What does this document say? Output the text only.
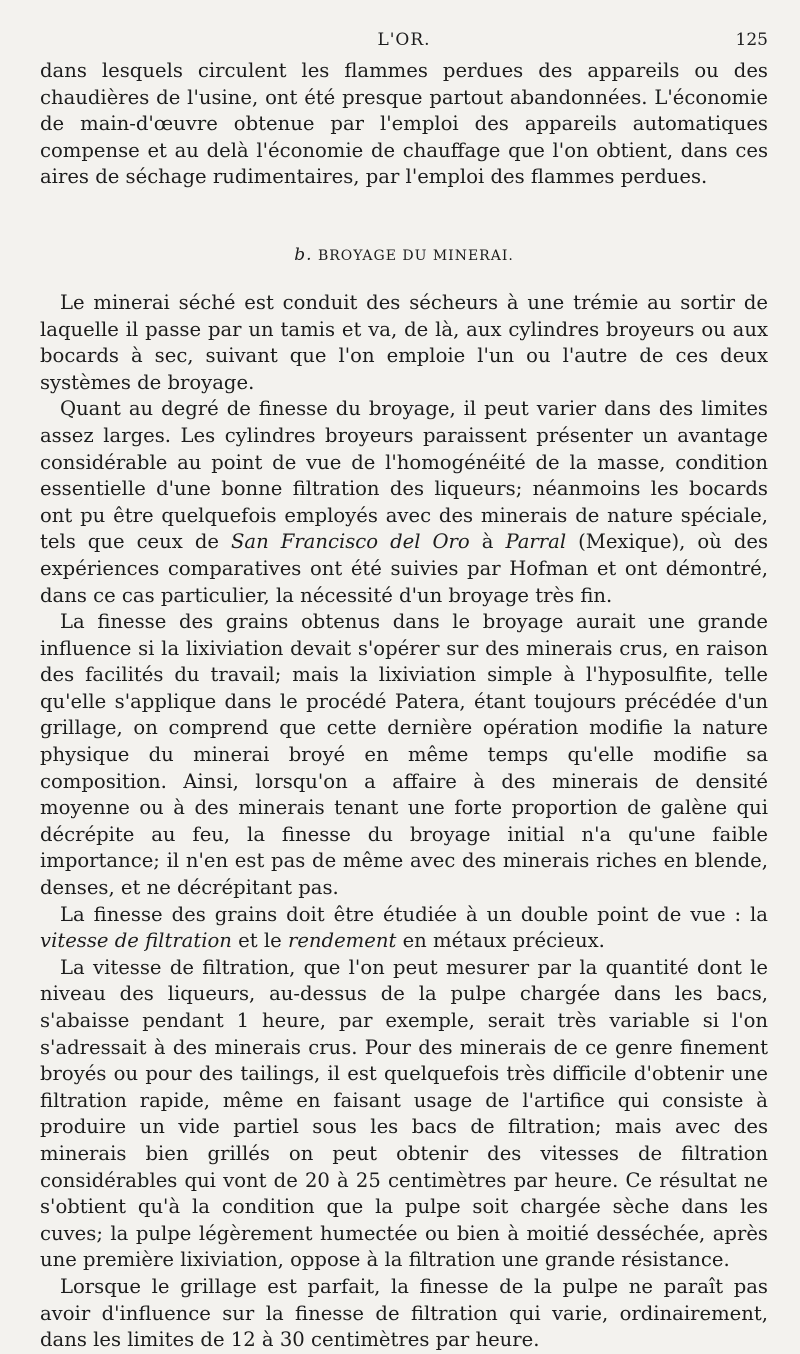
L'OR.	125

dans lesquels circulent les flammes perdues des appareils ou des chaudières de l'usine, ont été presque partout abandonnées. L'économie de main-d'œuvre obtenue par l'emploi des appareils automatiques compense et au delà l'économie de chauffage que l'on obtient, dans ces aires de séchage rudimentaires, par l'emploi des flammes perdues.

b. BROYAGE DU MINERAI.

Le minerai séché est conduit des sécheurs à une trémie au sortir de laquelle il passe par un tamis et va, de là, aux cylindres broyeurs ou aux bocards à sec, suivant que l'on emploie l'un ou l'autre de ces deux systèmes de broyage.

Quant au degré de finesse du broyage, il peut varier dans des limites assez larges. Les cylindres broyeurs paraissent présenter un avantage considérable au point de vue de l'homogénéité de la masse, condition essentielle d'une bonne filtration des liqueurs; néanmoins les bocards ont pu être quelquefois employés avec des minerais de nature spéciale, tels que ceux de San Francisco del Oro à Parral (Mexique), où des expériences comparatives ont été suivies par Hofman et ont démontré, dans ce cas particulier, la nécessité d'un broyage très fin.

La finesse des grains obtenus dans le broyage aurait une grande influence si la lixiviation devait s'opérer sur des minerais crus, en raison des facilités du travail; mais la lixiviation simple à l'hyposulfite, telle qu'elle s'applique dans le procédé Patera, étant toujours précédée d'un grillage, on comprend que cette dernière opération modifie la nature physique du minerai broyé en même temps qu'elle modifie sa composition. Ainsi, lorsqu'on a affaire à des minerais de densité moyenne ou à des minerais tenant une forte proportion de galène qui décrépite au feu, la finesse du broyage initial n'a qu'une faible importance; il n'en est pas de même avec des minerais riches en blende, denses, et ne décrépitant pas.

La finesse des grains doit être étudiée à un double point de vue : la vitesse de filtration et le rendement en métaux précieux.

La vitesse de filtration, que l'on peut mesurer par la quantité dont le niveau des liqueurs, au-dessus de la pulpe chargée dans les bacs, s'abaisse pendant 1 heure, par exemple, serait très variable si l'on s'adressait à des minerais crus. Pour des minerais de ce genre finement broyés ou pour des tailings, il est quelquefois très difficile d'obtenir une filtration rapide, même en faisant usage de l'artifice qui consiste à produire un vide partiel sous les bacs de filtration; mais avec des minerais bien grillés on peut obtenir des vitesses de filtration considérables qui vont de 20 à 25 centimètres par heure. Ce résultat ne s'obtient qu'à la condition que la pulpe soit chargée sèche dans les cuves; la pulpe légèrement humectée ou bien à moitié desséchée, après une première lixiviation, oppose à la filtration une grande résistance.

Lorsque le grillage est parfait, la finesse de la pulpe ne paraît pas avoir d'influence sur la finesse de filtration qui varie, ordinairement, dans les limites de 12 à 30 centimètres par heure.
